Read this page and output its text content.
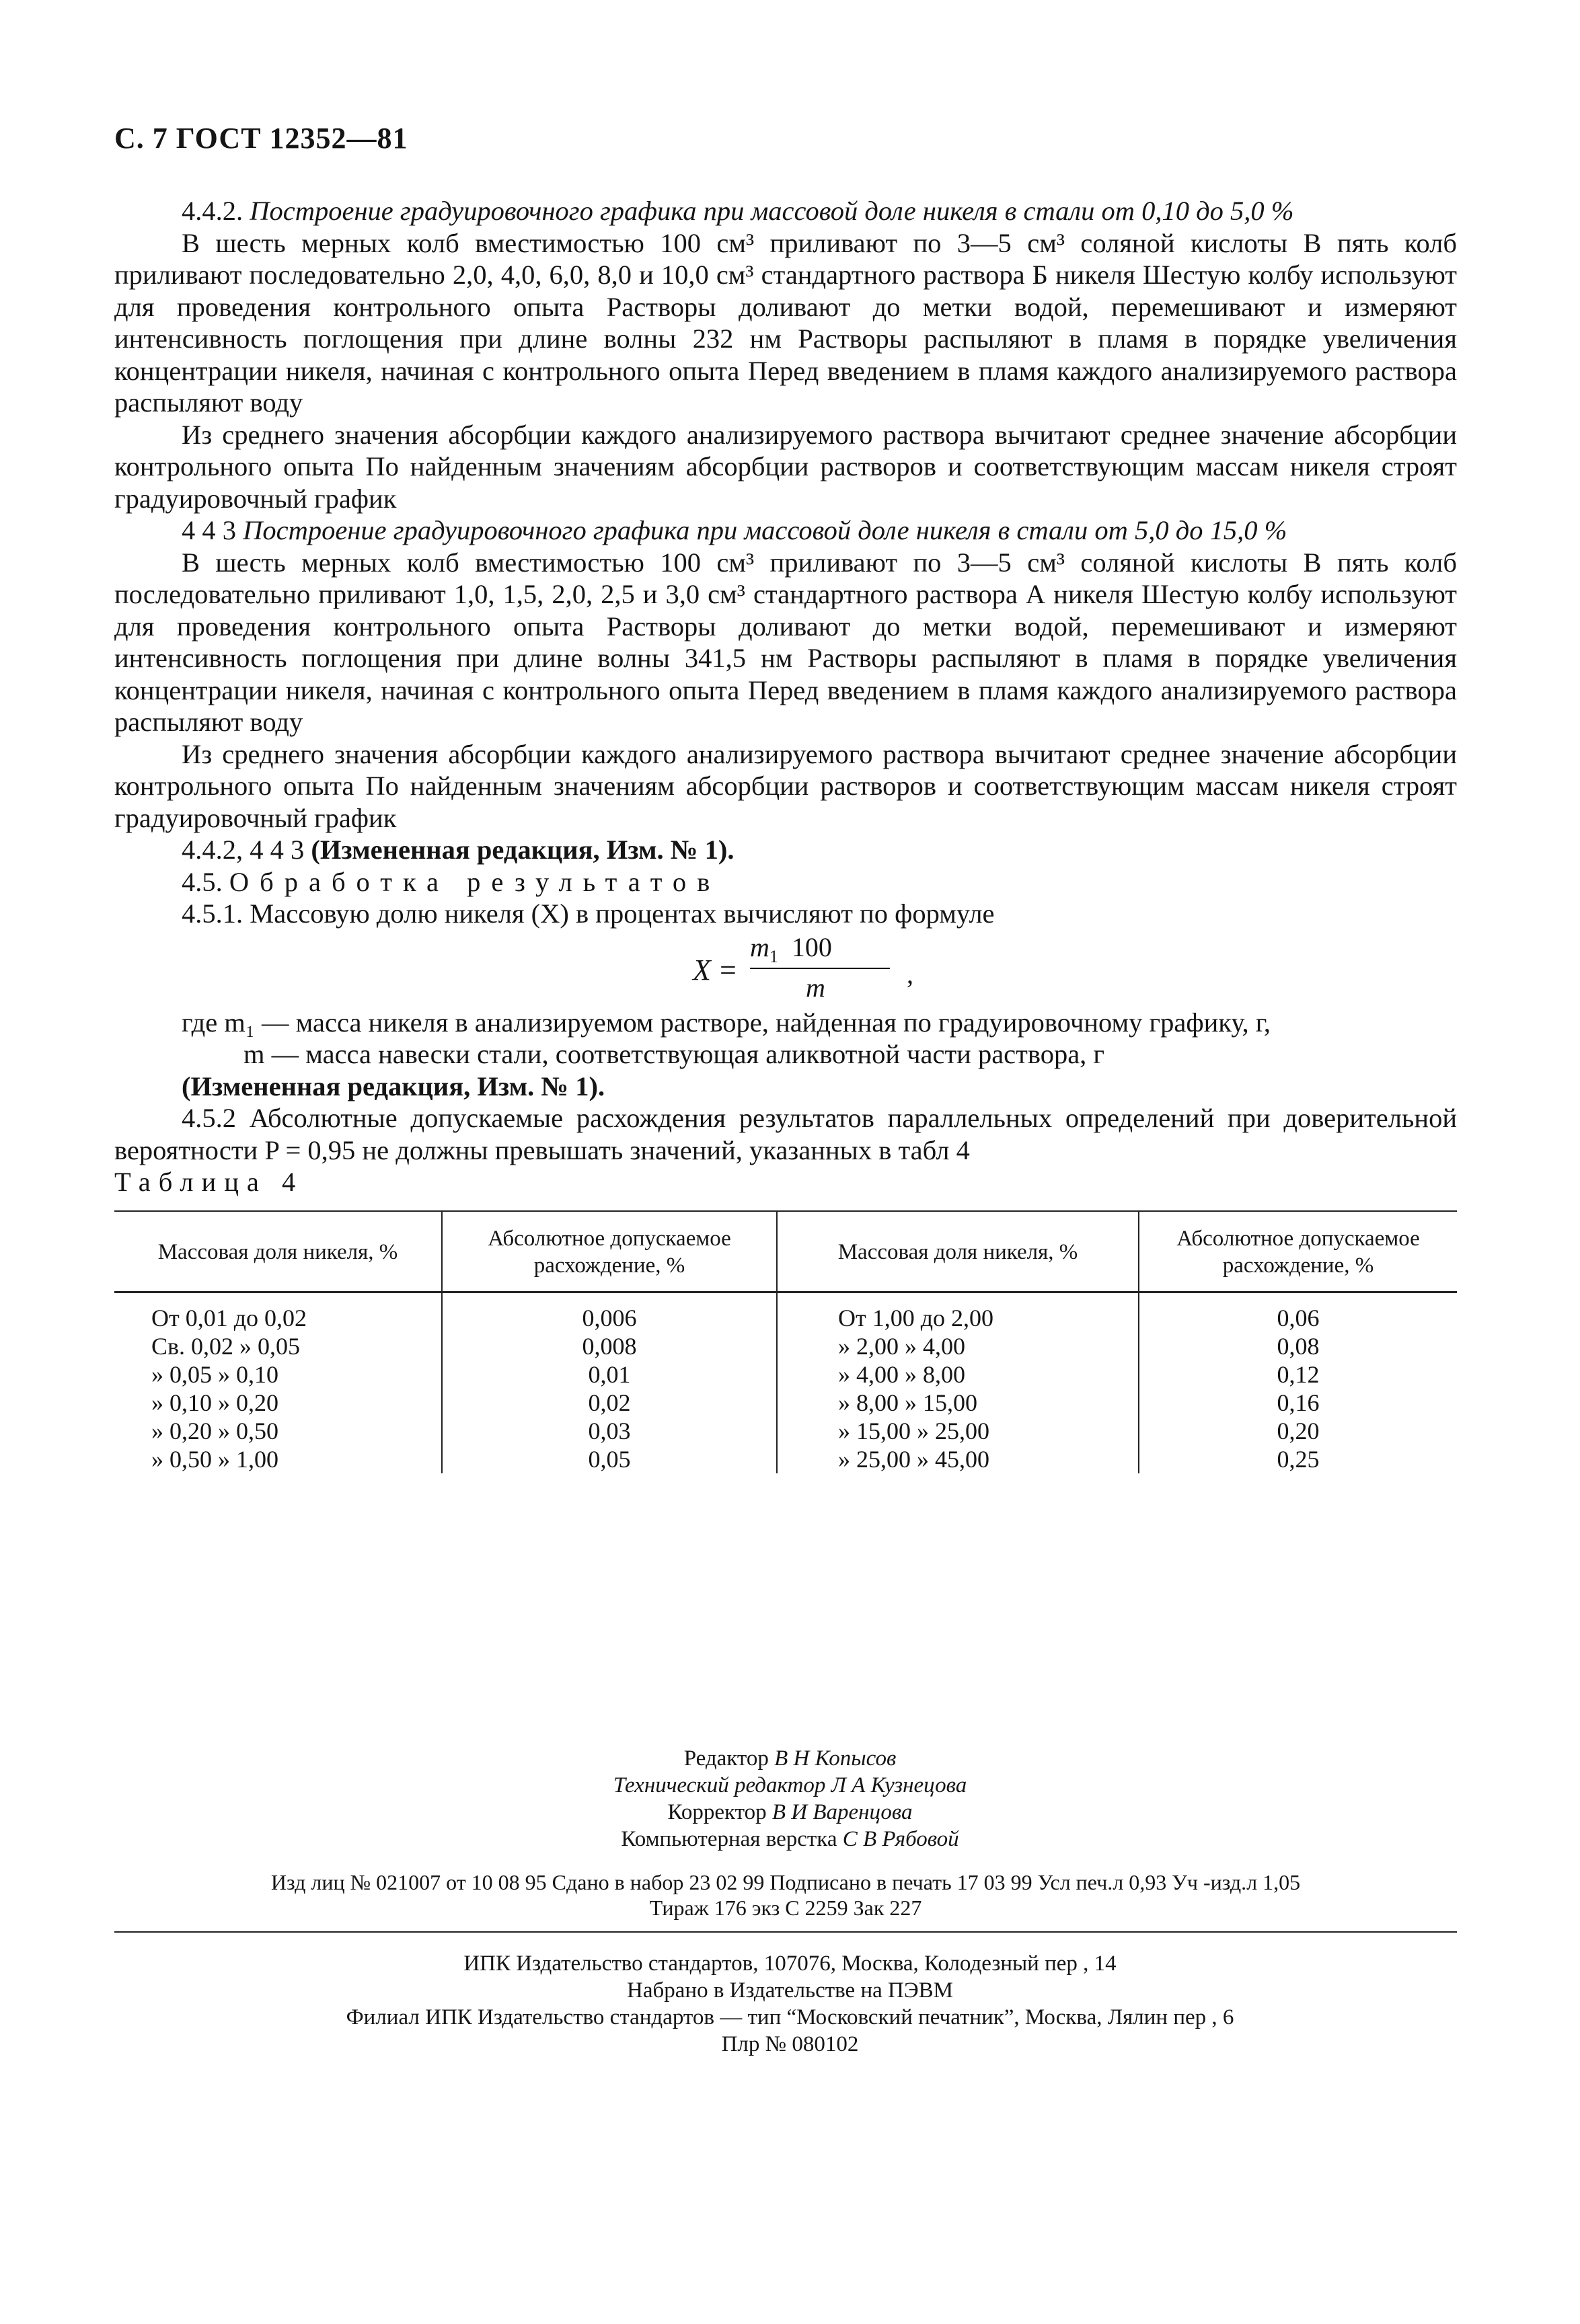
С. 7 ГОСТ 12352—81

4.4.2. Построение градуировочного графика при массовой доле никеля в стали от 0,10 до 5,0 %

В шесть мерных колб вместимостью 100 см³ приливают по 3—5 см³ соляной кислоты В пять колб приливают последовательно 2,0, 4,0, 6,0, 8,0 и 10,0 см³ стандартного раствора Б никеля Шестую колбу используют для проведения контрольного опыта Растворы доливают до метки водой, перемешивают и измеряют интенсивность поглощения при длине волны 232 нм Растворы распыляют в пламя в порядке увеличения концентрации никеля, начиная с контрольного опыта Перед введением в пламя каждого анализируемого раствора распыляют воду

Из среднего значения абсорбции каждого анализируемого раствора вычитают среднее значение абсорбции контрольного опыта По найденным значениям абсорбции растворов и соответствующим массам никеля строят градуировочный график

4 4 3 Построение градуировочного графика при массовой доле никеля в стали от 5,0 до 15,0 %

В шесть мерных колб вместимостью 100 см³ приливают по 3—5 см³ соляной кислоты В пять колб последовательно приливают 1,0, 1,5, 2,0, 2,5 и 3,0 см³ стандартного раствора А никеля Шестую колбу используют для проведения контрольного опыта Растворы доливают до метки водой, перемешивают и измеряют интенсивность поглощения при длине волны 341,5 нм Растворы распыляют в пламя в порядке увеличения концентрации никеля, начиная с контрольного опыта Перед введением в пламя каждого анализируемого раствора распыляют воду

Из среднего значения абсорбции каждого анализируемого раствора вычитают среднее значение абсорбции контрольного опыта По найденным значениям абсорбции растворов и соответствующим массам никеля строят градуировочный график

4.4.2, 4 4 3 (Измененная редакция, Изм. № 1).

4.5. Обработка результатов

4.5.1. Массовую долю никеля (X) в процентах вычисляют по формуле

X =
$m_1$ 100
m	,

где m₁ — масса никеля в анализируемом растворе, найденная по градуировочному графику, г,

m — масса навески стали, соответствующая аликвотной части раствора, г

(Измененная редакция, Изм. № 1).

4.5.2 Абсолютные допускаемые расхождения результатов параллельных определений при доверительной вероятности P = 0,95 не должны превышать значений, указанных в табл 4

Таблица 4

Массовая доля никеля, %	Абсолютное допускаемое расхождение, %	Массовая доля никеля, %	Абсолютное допускаемое расхождение, %
От 0,01 до 0,02	0,006	От 1,00 до 2,00	0,06
Св. 0,02 » 0,05	0,008	» 2,00 » 4,00	0,08
» 0,05 » 0,10	0,01	» 4,00 » 8,00	0,12
» 0,10 » 0,20	0,02	» 8,00 » 15,00	0,16
» 0,20 » 0,50	0,03	» 15,00 » 25,00	0,20
» 0,50 » 1,00	0,05	» 25,00 » 45,00	0,25
Редактор В Н Копысов
Технический редактор Л А Кузнецова
Корректор В И Варенцова
Компьютерная верстка С В Рябовой
Изд лиц № 021007 от 10 08 95 Сдано в набор 23 02 99 Подписано в печать 17 03 99 Усл печ.л 0,93 Уч -изд.л 1,05
Тираж 176 экз С 2259 Зак 227
ИПК Издательство стандартов, 107076, Москва, Колодезный пер , 14
Набрано в Издательстве на ПЭВМ
Филиал ИПК Издательство стандартов — тип “Московский печатник”, Москва, Лялин пер , 6
Плр № 080102
